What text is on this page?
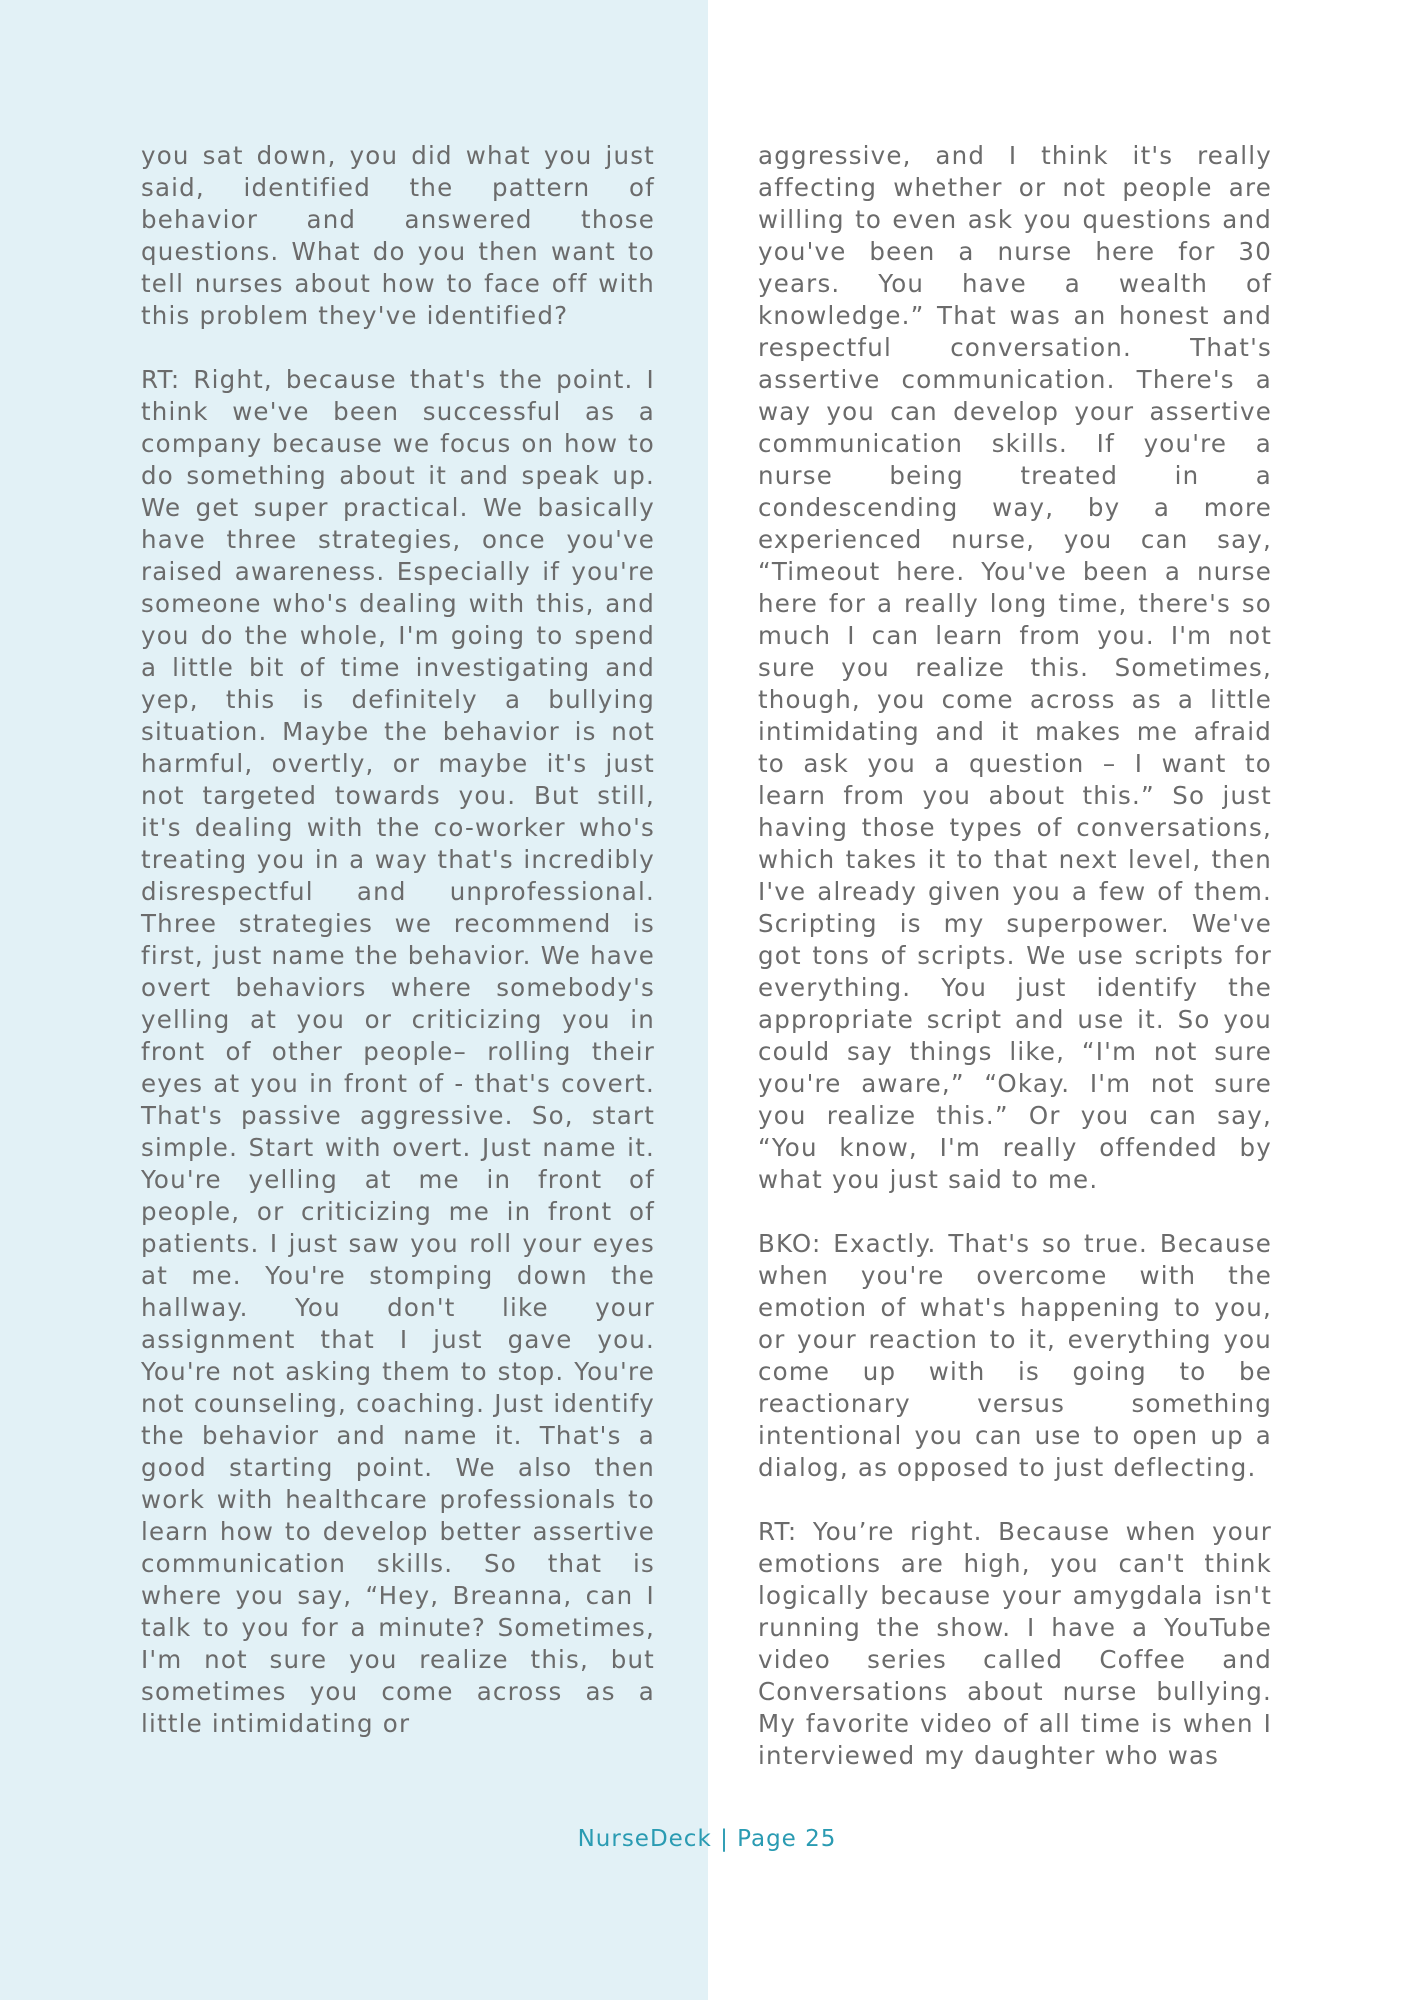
you sat down, you did what you just said, identified the pattern of behavior and answered those questions. What do you then want to tell nurses about how to face off with this problem they've identified?

RT: Right, because that's the point. I think we've been successful as a company because we focus on how to do something about it and speak up. We get super practical. We basically have three strategies, once you've raised awareness. Especially if you're someone who's dealing with this, and you do the whole, I'm going to spend a little bit of time investigating and yep, this is definitely a bullying situation. Maybe the behavior is not harmful, overtly, or maybe it's just not targeted towards you. But still, it's dealing with the co-worker who's treating you in a way that's incredibly disrespectful and unprofessional. Three strategies we recommend is first, just name the behavior. We have overt behaviors where somebody's yelling at you or criticizing you in front of other people– rolling their eyes at you in front of - that's covert. That's passive aggressive. So, start simple. Start with overt. Just name it. You're yelling at me in front of people, or criticizing me in front of patients. I just saw you roll your eyes at me. You're stomping down the hallway. You don't like your assignment that I just gave you. You're not asking them to stop. You're not counseling, coaching. Just identify the behavior and name it. That's a good starting point. We also then work with healthcare professionals to learn how to develop better assertive communication skills. So that is where you say, “Hey, Breanna, can I talk to you for a minute? Sometimes, I'm not sure you realize this, but sometimes you come across as a little intimidating or

aggressive, and I think it's really affecting whether or not people are willing to even ask you questions and you've been a nurse here for 30 years. You have a wealth of knowledge.” That was an honest and respectful conversation. That's assertive communication. There's a way you can develop your assertive communication skills. If you're a nurse being treated in a condescending way, by a more experienced nurse, you can say, “Timeout here. You've been a nurse here for a really long time, there's so much I can learn from you. I'm not sure you realize this. Sometimes, though, you come across as a little intimidating and it makes me afraid to ask you a question – I want to learn from you about this.” So just having those types of conversations, which takes it to that next level, then I've already given you a few of them. Scripting is my superpower. We've got tons of scripts. We use scripts for everything. You just identify the appropriate script and use it. So you could say things like, “I'm not sure you're aware,” “Okay. I'm not sure you realize this.” Or you can say, “You know, I'm really offended by what you just said to me.

BKO: Exactly. That's so true. Because when you're overcome with the emotion of what's happening to you, or your reaction to it, everything you come up with is going to be reactionary versus something intentional you can use to open up a dialog, as opposed to just deflecting.

RT: You’re right. Because when your emotions are high, you can't think logically because your amygdala isn't running the show. I have a YouTube video series called Coffee and Conversations about nurse bullying. My favorite video of all time is when I interviewed my daughter who was

NurseDeck | Page 25
